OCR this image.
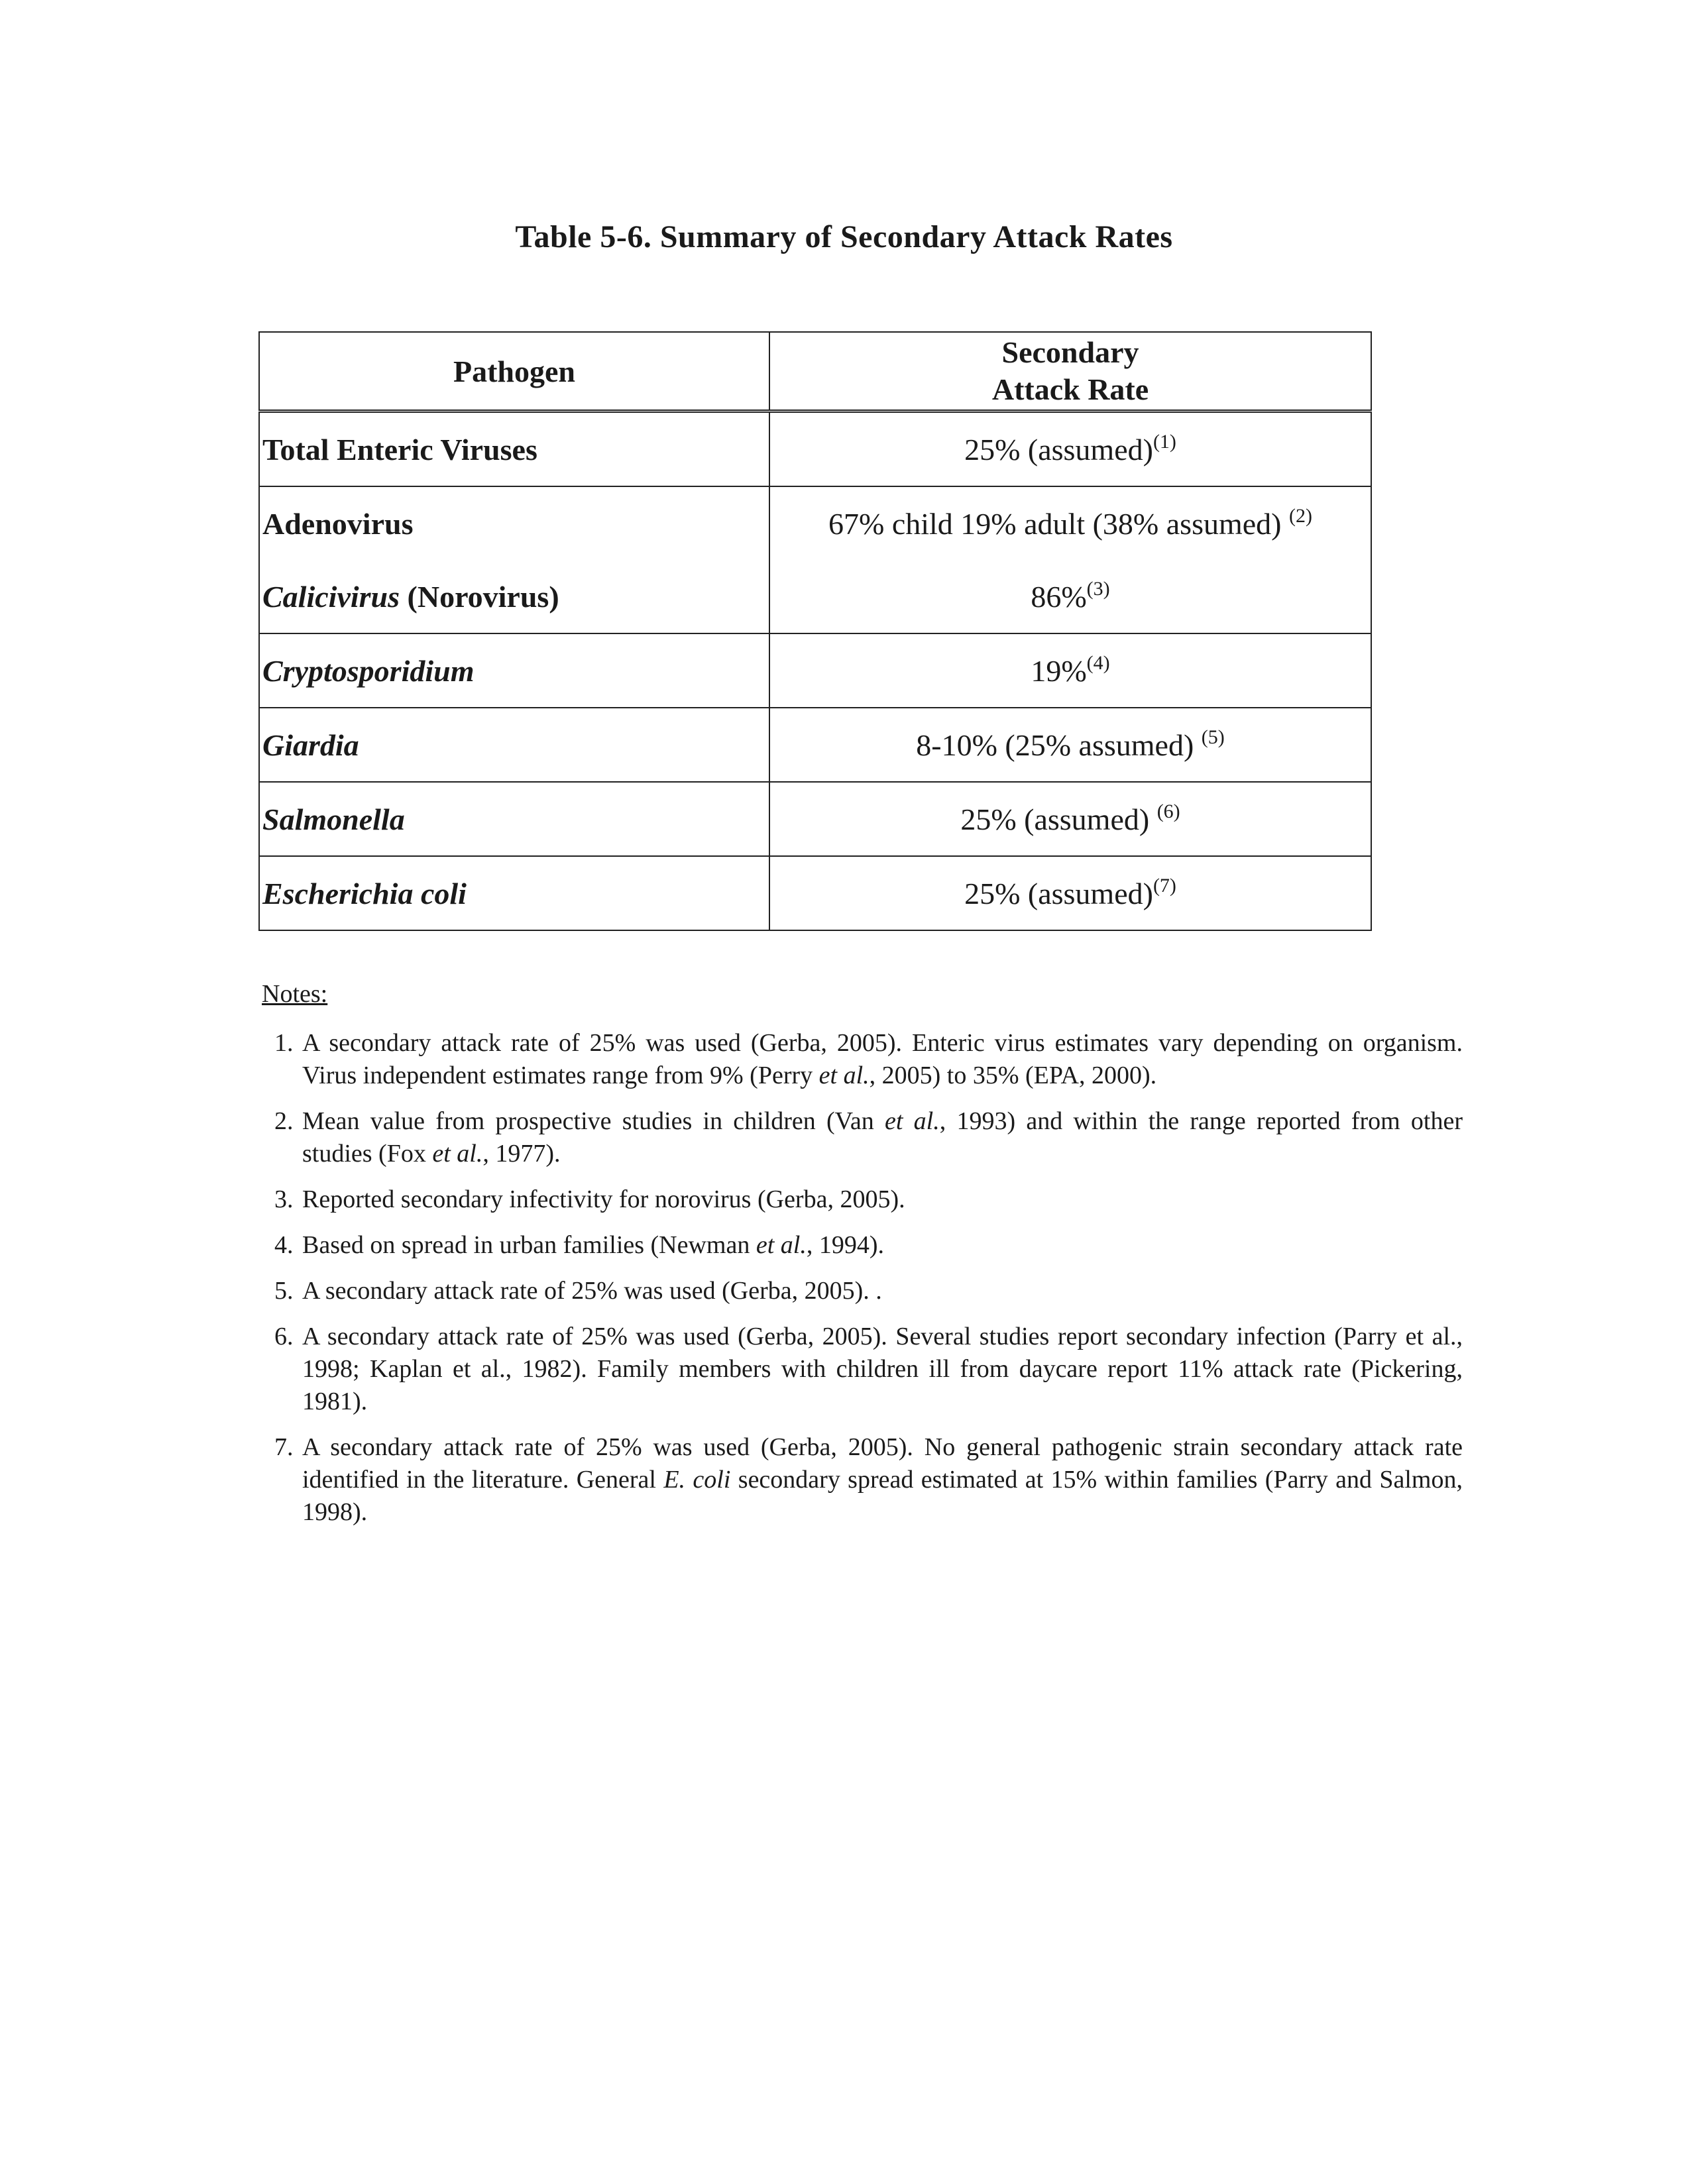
Table 5-6. Summary of Secondary Attack Rates
Pathogen	Secondary
Attack Rate
Total Enteric Viruses	25% (assumed)$^{(1)}$
Adenovirus	67% child 19% adult (38% assumed) $^{(2)}$
Calicivirus (Norovirus)	86%$^{(3)}$
Cryptosporidium	19%$^{(4)}$
Giardia	8-10% (25% assumed) $^{(5)}$
Salmonella	25% (assumed) $^{(6)}$
Escherichia coli	25% (assumed)$^{(7)}$
Notes:
1. A secondary attack rate of 25% was used (Gerba, 2005). Enteric virus estimates vary depending on organism. Virus independent estimates range from 9% (Perry et al., 2005) to 35% (EPA, 2000).
2. Mean value from prospective studies in children (Van et al., 1993) and within the range reported from other studies (Fox et al., 1977).
3. Reported secondary infectivity for norovirus (Gerba, 2005).
4. Based on spread in urban families (Newman et al., 1994).
5. A secondary attack rate of 25% was used (Gerba, 2005). .
6. A secondary attack rate of 25% was used (Gerba, 2005). Several studies report secondary infection (Parry et al., 1998; Kaplan et al., 1982). Family members with children ill from daycare report 11% attack rate (Pickering, 1981).
7. A secondary attack rate of 25% was used (Gerba, 2005). No general pathogenic strain secondary attack rate identified in the literature. General E. coli secondary spread estimated at 15% within families (Parry and Salmon, 1998).
